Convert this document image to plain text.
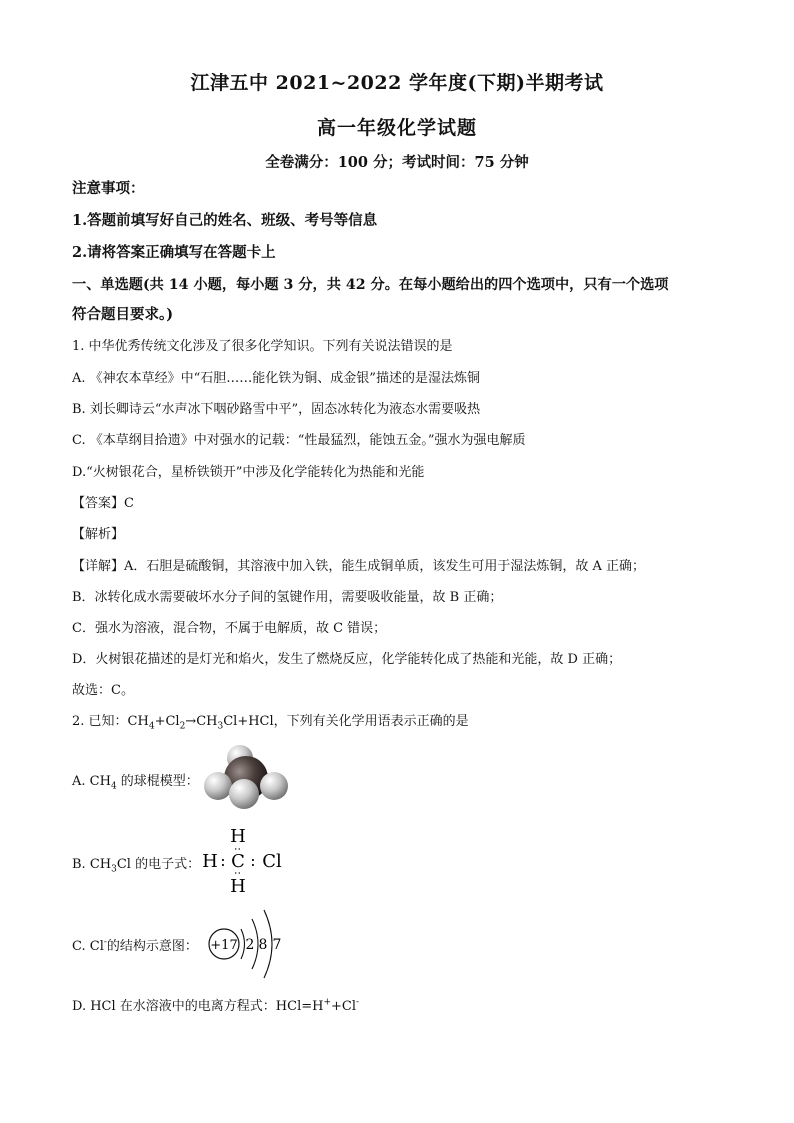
江津五中 2021~2022 学年度(下期)半期考试
高一年级化学试题
全卷满分：100 分；考试时间：75 分钟
注意事项：
1.答题前填写好自己的姓名、班级、考号等信息
2.请将答案正确填写在答题卡上
一、单选题(共 14 小题，每小题 3 分，共 42 分。在每小题给出的四个选项中，只有一个选项
符合题目要求。)
1. 中华优秀传统文化涉及了很多化学知识。下列有关说法错误的是
A. 《神农本草经》中“石胆……能化铁为铜、成金银”描述的是湿法炼铜
B. 刘长卿诗云“水声冰下咽砂路雪中平”，固态冰转化为液态水需要吸热
C. 《本草纲目拾遗》中对强水的记载：“性最猛烈，能蚀五金。”强水为强电解质
D.“火树银花合，星桥铁锁开”中涉及化学能转化为热能和光能
【答案】C
【解析】
【详解】A．石胆是硫酸铜，其溶液中加入铁，能生成铜单质，该发生可用于湿法炼铜，故 A 正确；
B．冰转化成水需要破坏水分子间的氢键作用，需要吸收能量，故 B 正确；
C．强水为溶液，混合物，不属于电解质，故 C 错误；
D．火树银花描述的是灯光和焰火，发生了燃烧反应，化学能转化成了热能和光能，故 D 正确；
故选：C。
2. 已知：$CH_4+Cl_2\to CH_3Cl+HCl$，下列有关化学用语表示正确的是
A. $CH_4$ 的球棍模型：
B. $CH_3Cl$ 的电子式：
H
:
H : C : Cl
:
H
C. Cl-的结构示意图： +17 2 8 7
D. HCl 在水溶液中的电离方程式：HCl=H++Cl-
